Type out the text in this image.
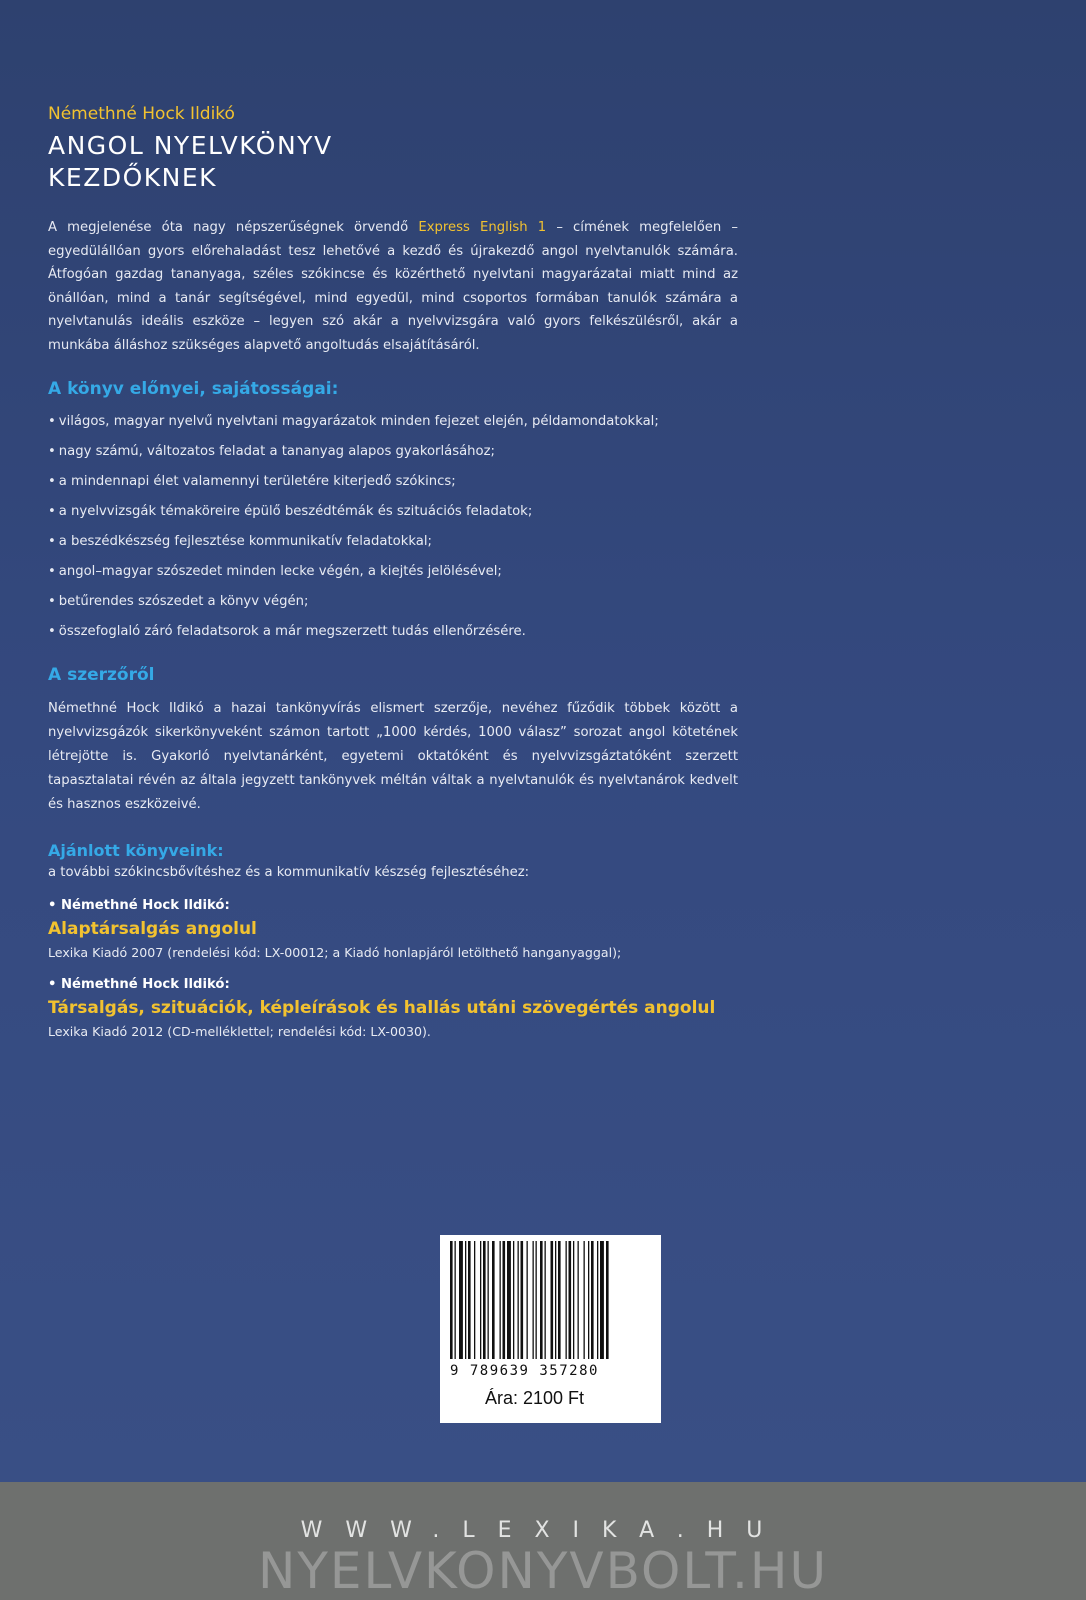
Némethné Hock Ildikó
ANGOL NYELVKÖNYV
KEZDŐKNEK

A megjelenése óta nagy népszerűségnek örvendő Express English 1 – címének megfelelően – egyedülállóan gyors előrehaladást tesz lehetővé a kezdő és újrakezdő angol nyelvtanulók számára. Átfogóan gazdag tananyaga, széles szókincse és közérthető nyelvtani magyarázatai miatt mind az önállóan, mind a tanár segítségével, mind egyedül, mind csoportos formában tanulók számára a nyelvtanulás ideális eszköze – legyen szó akár a nyelvvizsgára való gyors felkészülésről, akár a munkába álláshoz szükséges alapvető angoltudás elsajátításáról.

A könyv előnyei, sajátosságai:
• világos, magyar nyelvű nyelvtani magyarázatok minden fejezet elején, példamondatokkal;
• nagy számú, változatos feladat a tananyag alapos gyakorlásához;
• a mindennapi élet valamennyi területére kiterjedő szókincs;
• a nyelvvizsgák témaköreire épülő beszédtémák és szituációs feladatok;
• a beszédkészség fejlesztése kommunikatív feladatokkal;
• angol–magyar szószedet minden lecke végén, a kiejtés jelölésével;
• betűrendes szószedet a könyv végén;
• összefoglaló záró feladatsorok a már megszerzett tudás ellenőrzésére.
A szerzőről

Némethné Hock Ildikó a hazai tankönyvírás elismert szerzője, nevéhez fűződik többek között a nyelvvizsgázók sikerkönyveként számon tartott „1000 kérdés, 1000 válasz” sorozat angol kötetének létrejötte is. Gyakorló nyelvtanárként, egyetemi oktatóként és nyelvvizsgáztatóként szerzett tapasztalatai révén az általa jegyzett tankönyvek méltán váltak a nyelvtanulók és nyelvtanárok kedvelt és hasznos eszközeivé.

Ajánlott könyveink:

a további szókincsbővítéshez és a kommunikatív készség fejlesztéséhez:

• Némethné Hock Ildikó:
Alaptársalgás angolul

Lexika Kiadó 2007 (rendelési kód: LX-00012; a Kiadó honlapjáról letölthető hanganyaggal);

• Némethné Hock Ildikó:
Társalgás, szituációk, képleírások és hallás utáni szövegértés angolul

Lexika Kiadó 2012 (CD-melléklettel; rendelési kód: LX-0030).

9 789639 357280
Ára: 2100 Ft
WWW.LEXIKA.HU
NYELVKONYVBOLT.HU
